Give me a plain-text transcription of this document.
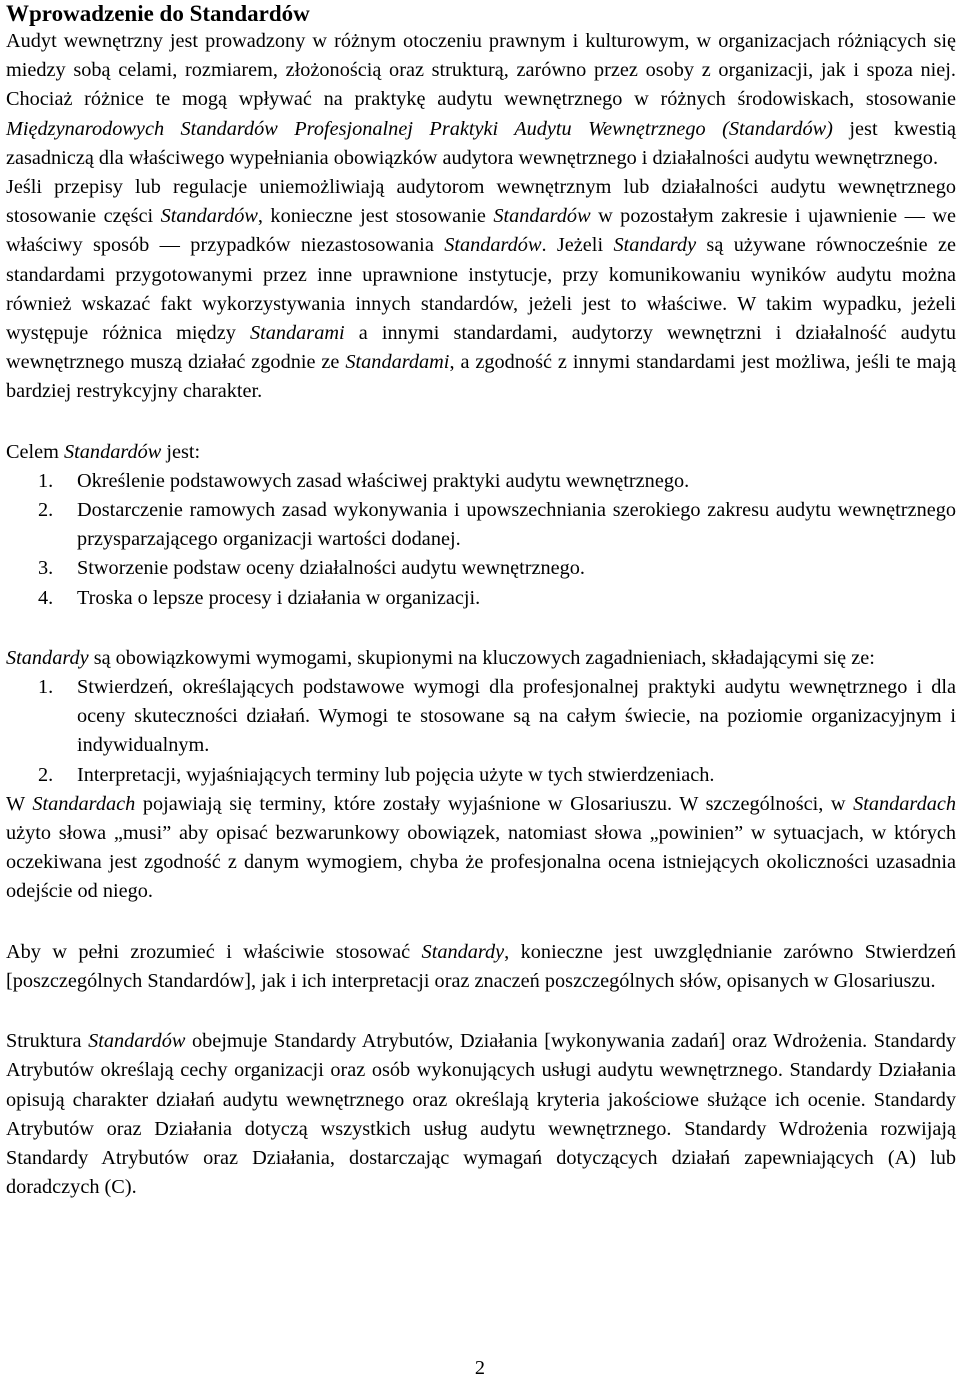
Wprowadzenie do Standardów

Audyt wewnętrzny jest prowadzony w różnym otoczeniu prawnym i kulturowym, w organizacjach różniących się miedzy sobą celami, rozmiarem, złożonością oraz strukturą, zarówno przez osoby z organizacji, jak i spoza niej. Chociaż różnice te mogą wpływać na praktykę audytu wewnętrznego w różnych środowiskach, stosowanie Międzynarodowych Standardów Profesjonalnej Praktyki Audytu Wewnętrznego (Standardów) jest kwestią zasadniczą dla właściwego wypełniania obowiązków audytora wewnętrznego i działalności audytu wewnętrznego.

Jeśli przepisy lub regulacje uniemożliwiają audytorom wewnętrznym lub działalności audytu wewnętrznego stosowanie części Standardów, konieczne jest stosowanie Standardów w pozostałym zakresie i ujawnienie — we właściwy sposób — przypadków niezastosowania Standardów. Jeżeli Standardy są używane równocześnie ze standardami przygotowanymi przez inne uprawnione instytucje, przy komunikowaniu wyników audytu można również wskazać fakt wykorzystywania innych standardów, jeżeli jest to właściwe. W takim wypadku, jeżeli występuje różnica między Standarami a innymi standardami, audytorzy wewnętrzni i działalność audytu wewnętrznego muszą działać zgodnie ze Standardami, a zgodność z innymi standardami jest możliwa, jeśli te mają bardziej restrykcyjny charakter.

Celem Standardów jest:

1. Określenie podstawowych zasad właściwej praktyki audytu wewnętrznego.
2. Dostarczenie ramowych zasad wykonywania i upowszechniania szerokiego zakresu audytu wewnętrznego przysparzającego organizacji wartości dodanej.
3. Stworzenie podstaw oceny działalności audytu wewnętrznego.
4. Troska o lepsze procesy i działania w organizacji.

Standardy są obowiązkowymi wymogami, skupionymi na kluczowych zagadnieniach, składającymi się ze:

1. Stwierdzeń, określających podstawowe wymogi dla profesjonalnej praktyki audytu wewnętrznego i dla oceny skuteczności działań. Wymogi te stosowane są na całym świecie, na poziomie organizacyjnym i indywidualnym.
2. Interpretacji, wyjaśniających terminy lub pojęcia użyte w tych stwierdzeniach.

W Standardach pojawiają się terminy, które zostały wyjaśnione w Glosariuszu. W szczególności, w Standardach użyto słowa „musi” aby opisać bezwarunkowy obowiązek, natomiast słowa „powinien” w sytuacjach, w których oczekiwana jest zgodność z danym wymogiem, chyba że profesjonalna ocena istniejących okoliczności uzasadnia odejście od niego.

Aby w pełni zrozumieć i właściwie stosować Standardy, konieczne jest uwzględnianie zarówno Stwierdzeń [poszczególnych Standardów], jak i ich interpretacji oraz znaczeń poszczególnych słów, opisanych w Glosariuszu.

Struktura Standardów obejmuje Standardy Atrybutów, Działania [wykonywania zadań] oraz Wdrożenia. Standardy Atrybutów określają cechy organizacji oraz osób wykonujących usługi audytu wewnętrznego. Standardy Działania opisują charakter działań audytu wewnętrznego oraz określają kryteria jakościowe służące ich ocenie. Standardy Atrybutów oraz Działania dotyczą wszystkich usług audytu wewnętrznego. Standardy Wdrożenia rozwijają Standardy Atrybutów oraz Działania, dostarczając wymagań dotyczących działań zapewniających (A) lub doradczych (C).

2
